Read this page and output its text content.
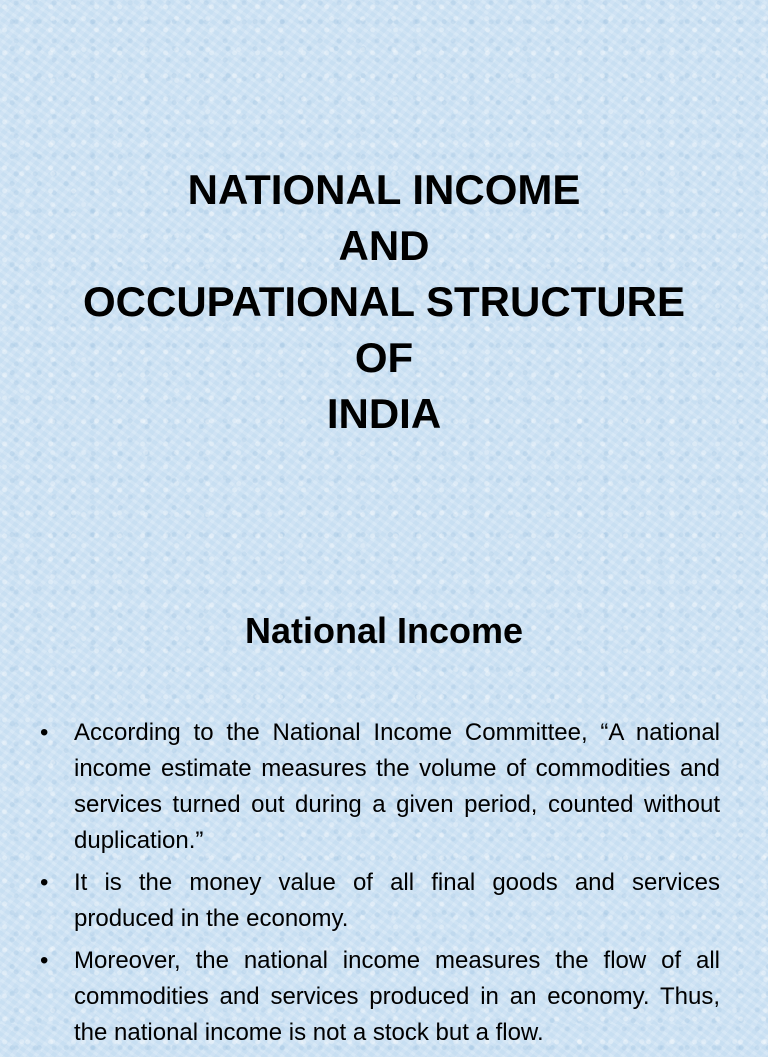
NATIONAL INCOME
AND
OCCUPATIONAL STRUCTURE
OF
INDIA
National Income
•	According to the National Income Committee, “A national income estimate measures the volume of commodities and services turned out during a given period, counted without duplication.”
•	It is the money value of all final goods and services produced in the economy.
•	Moreover, the national income measures the flow of all commodities and services produced in an economy. Thus, the national income is not a stock but a flow.
